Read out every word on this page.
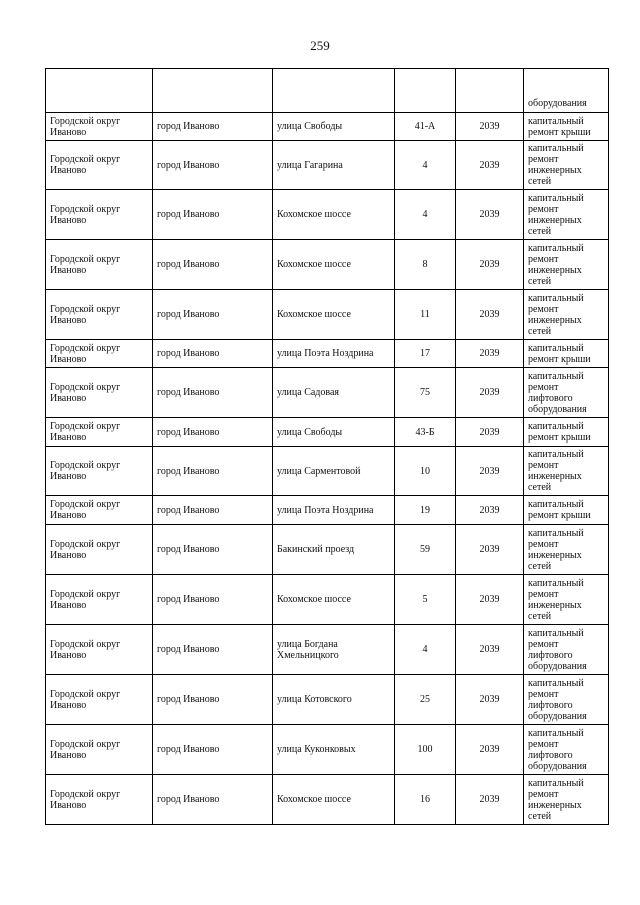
259
					оборудования
Городской округ Иваново	город Иваново	улица Свободы	41-А	2039	капитальный ремонт крыши
Городской округ Иваново	город Иваново	улица Гагарина	4	2039	капитальный ремонт инженерных сетей
Городской округ Иваново	город Иваново	Кохомское шоссе	4	2039	капитальный ремонт инженерных сетей
Городской округ Иваново	город Иваново	Кохомское шоссе	8	2039	капитальный ремонт инженерных сетей
Городской округ Иваново	город Иваново	Кохомское шоссе	11	2039	капитальный ремонт инженерных сетей
Городской округ Иваново	город Иваново	улица Поэта Ноздрина	17	2039	капитальный ремонт крыши
Городской округ Иваново	город Иваново	улица Садовая	75	2039	капитальный ремонт лифтового оборудования
Городской округ Иваново	город Иваново	улица Свободы	43-Б	2039	капитальный ремонт крыши
Городской округ Иваново	город Иваново	улица Сарментовой	10	2039	капитальный ремонт инженерных сетей
Городской округ Иваново	город Иваново	улица Поэта Ноздрина	19	2039	капитальный ремонт крыши
Городской округ Иваново	город Иваново	Бакинский проезд	59	2039	капитальный ремонт инженерных сетей
Городской округ Иваново	город Иваново	Кохомское шоссе	5	2039	капитальный ремонт инженерных сетей
Городской округ Иваново	город Иваново	улица Богдана Хмельницкого	4	2039	капитальный ремонт лифтового оборудования
Городской округ Иваново	город Иваново	улица Котовского	25	2039	капитальный ремонт лифтового оборудования
Городской округ Иваново	город Иваново	улица Куконковых	100	2039	капитальный ремонт лифтового оборудования
Городской округ Иваново	город Иваново	Кохомское шоссе	16	2039	капитальный ремонт инженерных сетей
